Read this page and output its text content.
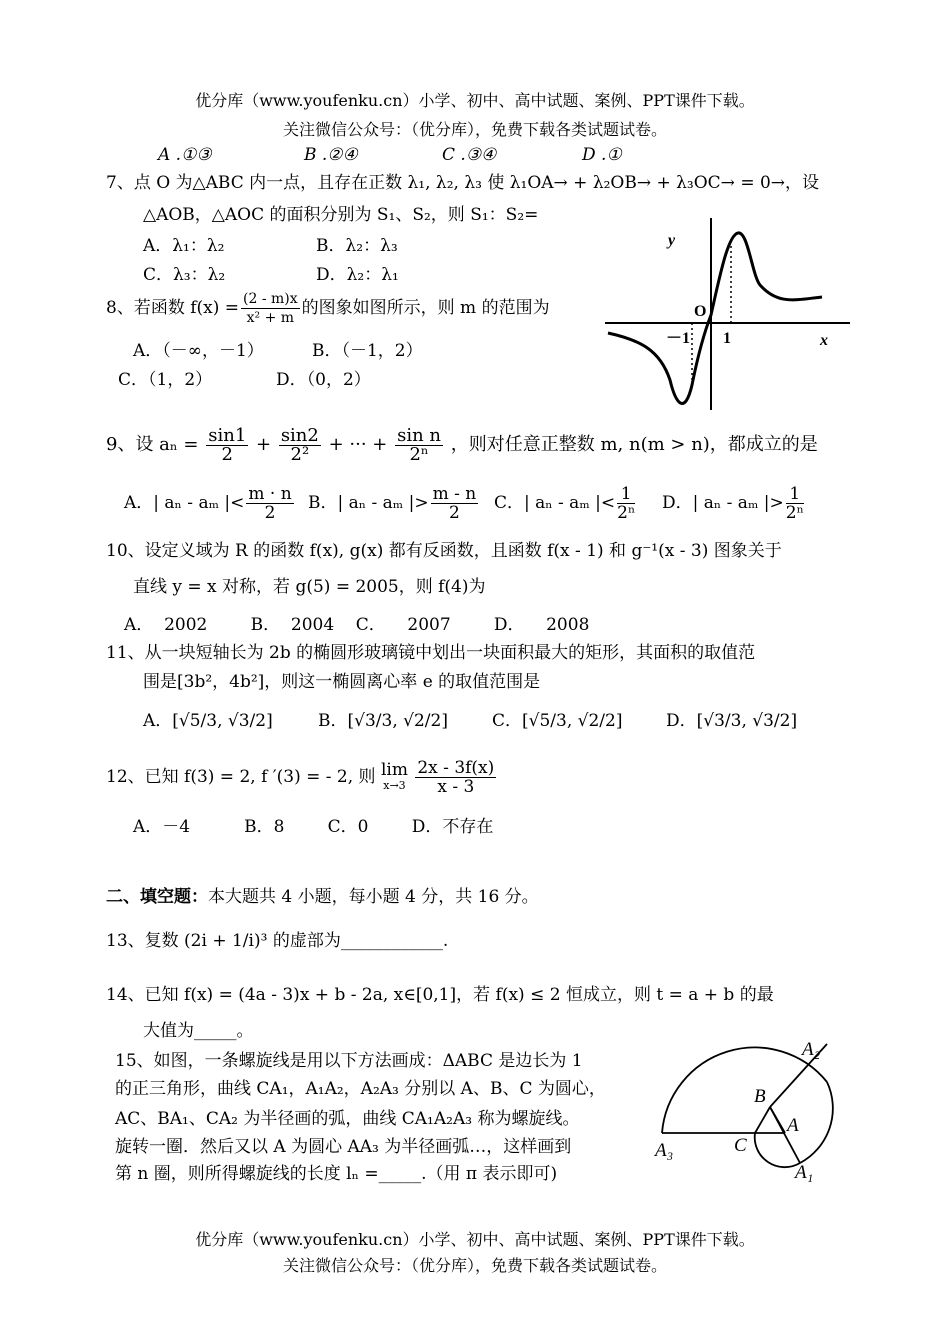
优分库（www.youfenku.cn）小学、初中、高中试题、案例、PPT课件下载。
关注微信公众号：（优分库），免费下载各类试题试卷。
A .①③	B .②④	C .③④	D .①
7、点 O 为△ABC 内一点，且存在正数 λ₁, λ₂, λ₃ 使 λ₁OA→ + λ₂OB→ + λ₃OC→ = 0→，设
△AOB，△AOC 的面积分别为 S₁、S₂，则 S₁：S₂=
A．λ₁：λ₂	B．λ₂：λ₃
C．λ₃：λ₂	D．λ₂：λ₁
8、若函数 $f(x) = \frac{(2 - m)x}{\text{x² + m}}$ 的图象如图所示，则 m 的范围为
A．（－∞，－1）	B．（－1，2）
C．（1，2）	D．（0，2）
y
x
O
－1 1
9、设 $a_n = \frac{\sin 1}{2} + \frac{\sin 2}{\text{2²}}$ + ··· + $\frac{\text{sin n}}{\text{2ⁿ}}$ ，则对任意正整数 m, n(m > n)，都成立的是
A．| aₙ - aₘ |< $\frac{m \cdot n}{2}$ B．| aₙ - aₘ |> $\frac{m - n}{2}$ C．| aₙ - aₘ |< $\frac{1}{\text{2ⁿ}}$ D．| aₙ - aₘ |> $\frac{1}{\text{2ⁿ}}$
10、设定义域为 R 的函数 f(x), g(x) 都有反函数，且函数 f(x - 1) 和 g⁻¹(x - 3) 图象关于
直线 y = x 对称，若 g(5) = 2005，则 f(4)为
A．  2002        B．  2004    C．    2007        D．    2008
11、从一块短轴长为 2b 的椭圆形玻璃镜中划出一块面积最大的矩形，其面积的取值范
围是[3b²，4b²]，则这一椭圆离心率 e 的取值范围是
A．[√5/3, √3/2]	B．[√3/3, √2/2]	C．[√5/3, √2/2]	D．[√3/3, √3/2]
12、已知 f(3) = 2, f ′(3) = - 2, 则 lim
x→3
$\frac{2x - 3f(x)}{x - 3}$
A．－4          B．8        C．0        D．不存在
二、填空题：本大题共 4 小题，每小题 4 分，共 16 分。
13、复数 (2i + 1/i)³ 的虚部为____________.
14、已知 f(x) = (4a - 3)x + b - 2a, x∈[0,1]，若 f(x) ≤ 2 恒成立，则 t = a + b 的最
大值为_____。
15、如图，一条螺旋线是用以下方法画成：ΔABC 是边长为 1
的正三角形，曲线 CA₁，A₁A₂，A₂A₃ 分别以 A、B、C 为圆心，
AC、BA₁、CA₂ 为半径画的弧，曲线 CA₁A₂A₃ 称为螺旋线。
旋转一圈．然后又以 A 为圆心 AA₃ 为半径画弧…，这样画到
第 n 圈，则所得螺旋线的长度 lₙ =_____.（用 π 表示即可)
A₂
B
A
A₃	C
A₁
优分库（www.youfenku.cn）小学、初中、高中试题、案例、PPT课件下载。
关注微信公众号：（优分库），免费下载各类试题试卷。
